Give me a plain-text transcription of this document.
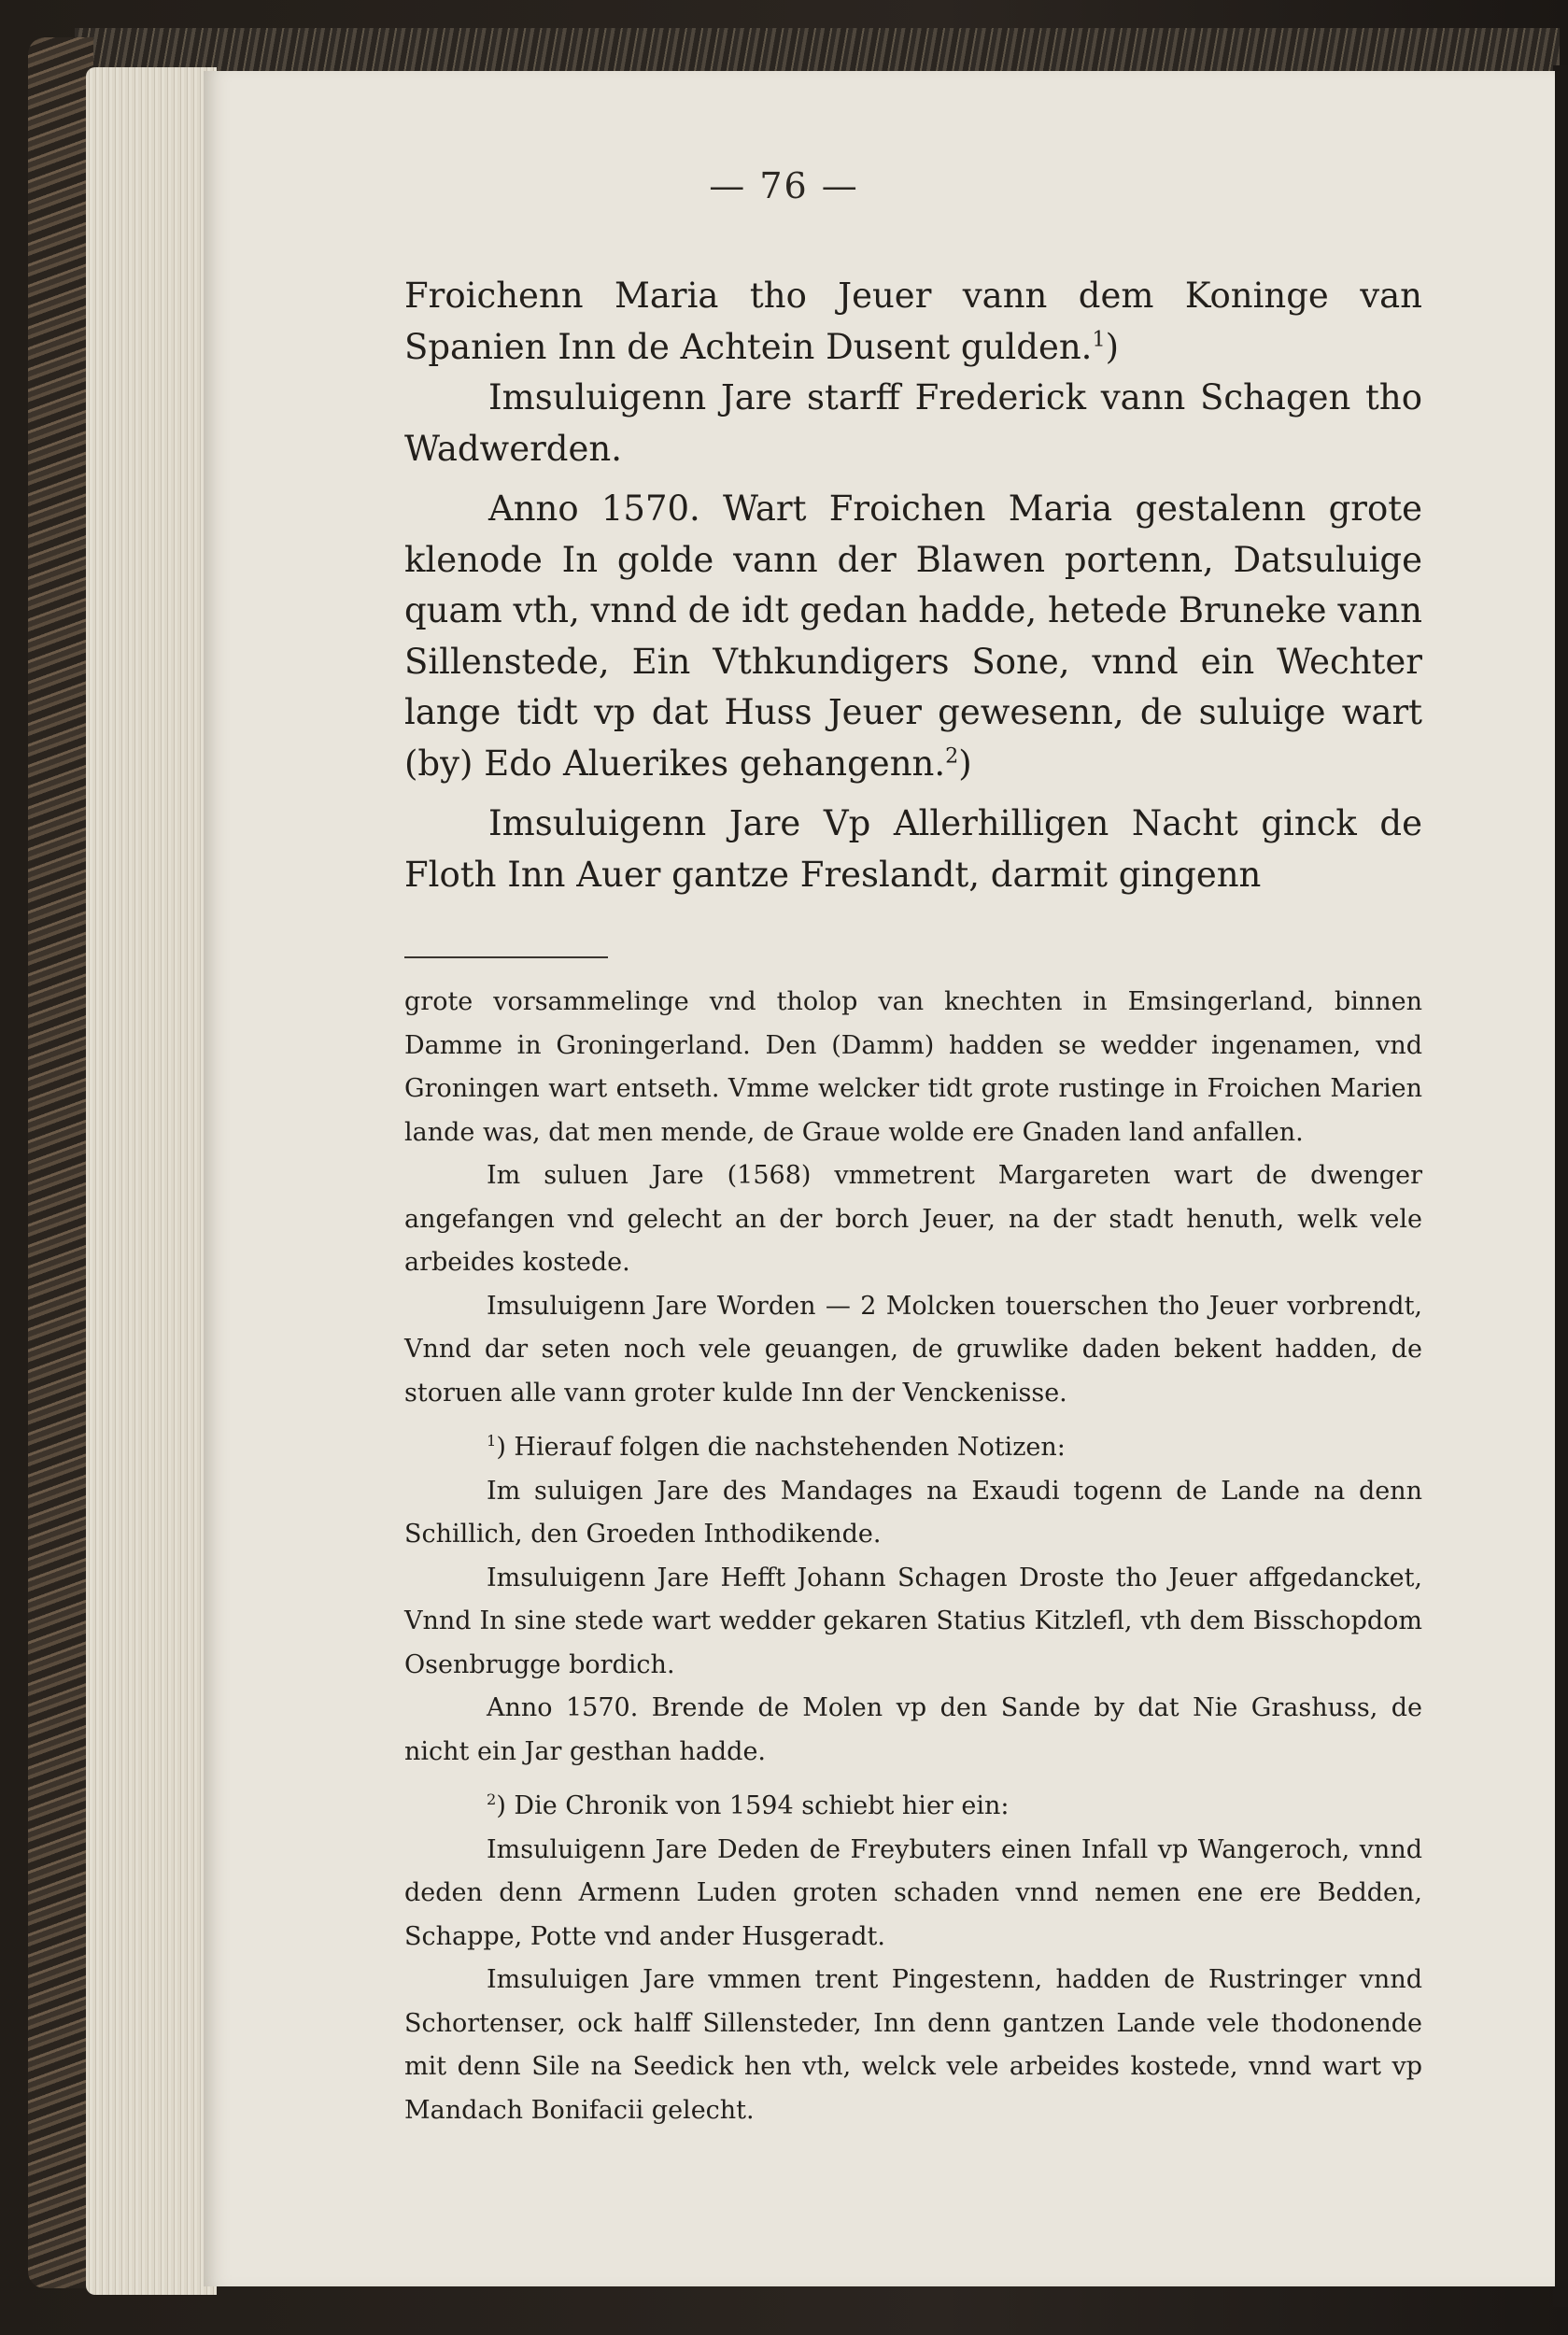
— 76 —

Froichenn Maria tho Jeuer vann dem Koninge van Spanien Inn de Achtein Dusent gulden.$^1$)

Imsuluigenn Jare starff Frederick vann Schagen tho Wadwerden.

Anno 1570. Wart Froichen Maria gestalenn grote klenode In golde vann der Blawen portenn, Datsuluige quam vth, vnnd de idt gedan hadde, hetede Bruneke vann Sillenstede, Ein Vthkundigers Sone, vnnd ein Wechter lange tidt vp dat Huss Jeuer gewesenn, de suluige wart (by) Edo Aluerikes gehangenn.$^2$)

Imsuluigenn Jare Vp Allerhilligen Nacht ginck de Floth Inn Auer gantze Freslandt, darmit gingenn

grote vorsammelinge vnd tholop van knechten in Emsingerland, binnen Damme in Groningerland. Den (Damm) hadden se wedder ingenamen, vnd Groningen wart entseth. Vmme welcker tidt grote rustinge in Froichen Marien lande was, dat men mende, de Graue wolde ere Gnaden land anfallen.

Im suluen Jare (1568) vmmetrent Margareten wart de dwenger angefangen vnd gelecht an der borch Jeuer, na der stadt henuth, welk vele arbeides kostede.

Imsuluigenn Jare Worden — 2 Molcken touerschen tho Jeuer vorbrendt, Vnnd dar seten noch vele geuangen, de gruwlike daden bekent hadden, de storuen alle vann groter kulde Inn der Venckenisse.

$^1$) Hierauf folgen die nachstehenden Notizen:

Im suluigen Jare des Mandages na Exaudi togenn de Lande na denn Schillich, den Groeden Inthodikende.

Imsuluigenn Jare Hefft Johann Schagen Droste tho Jeuer affgedancket, Vnnd In sine stede wart wedder gekaren Statius Kitzlefl, vth dem Bisschopdom Osenbrugge bordich.

Anno 1570. Brende de Molen vp den Sande by dat Nie Grashuss, de nicht ein Jar gesthan hadde.

$^2$) Die Chronik von 1594 schiebt hier ein:

Imsuluigenn Jare Deden de Freybuters einen Infall vp Wangeroch, vnnd deden denn Armenn Luden groten schaden vnnd nemen ene ere Bedden, Schappe, Potte vnd ander Husgeradt.

Imsuluigen Jare vmmen trent Pingestenn, hadden de Rustringer vnnd Schortenser, ock halff Sillensteder, Inn denn gantzen Lande vele thodonende mit denn Sile na Seedick hen vth, welck vele arbeides kostede, vnnd wart vp Mandach Bonifacii gelecht.
